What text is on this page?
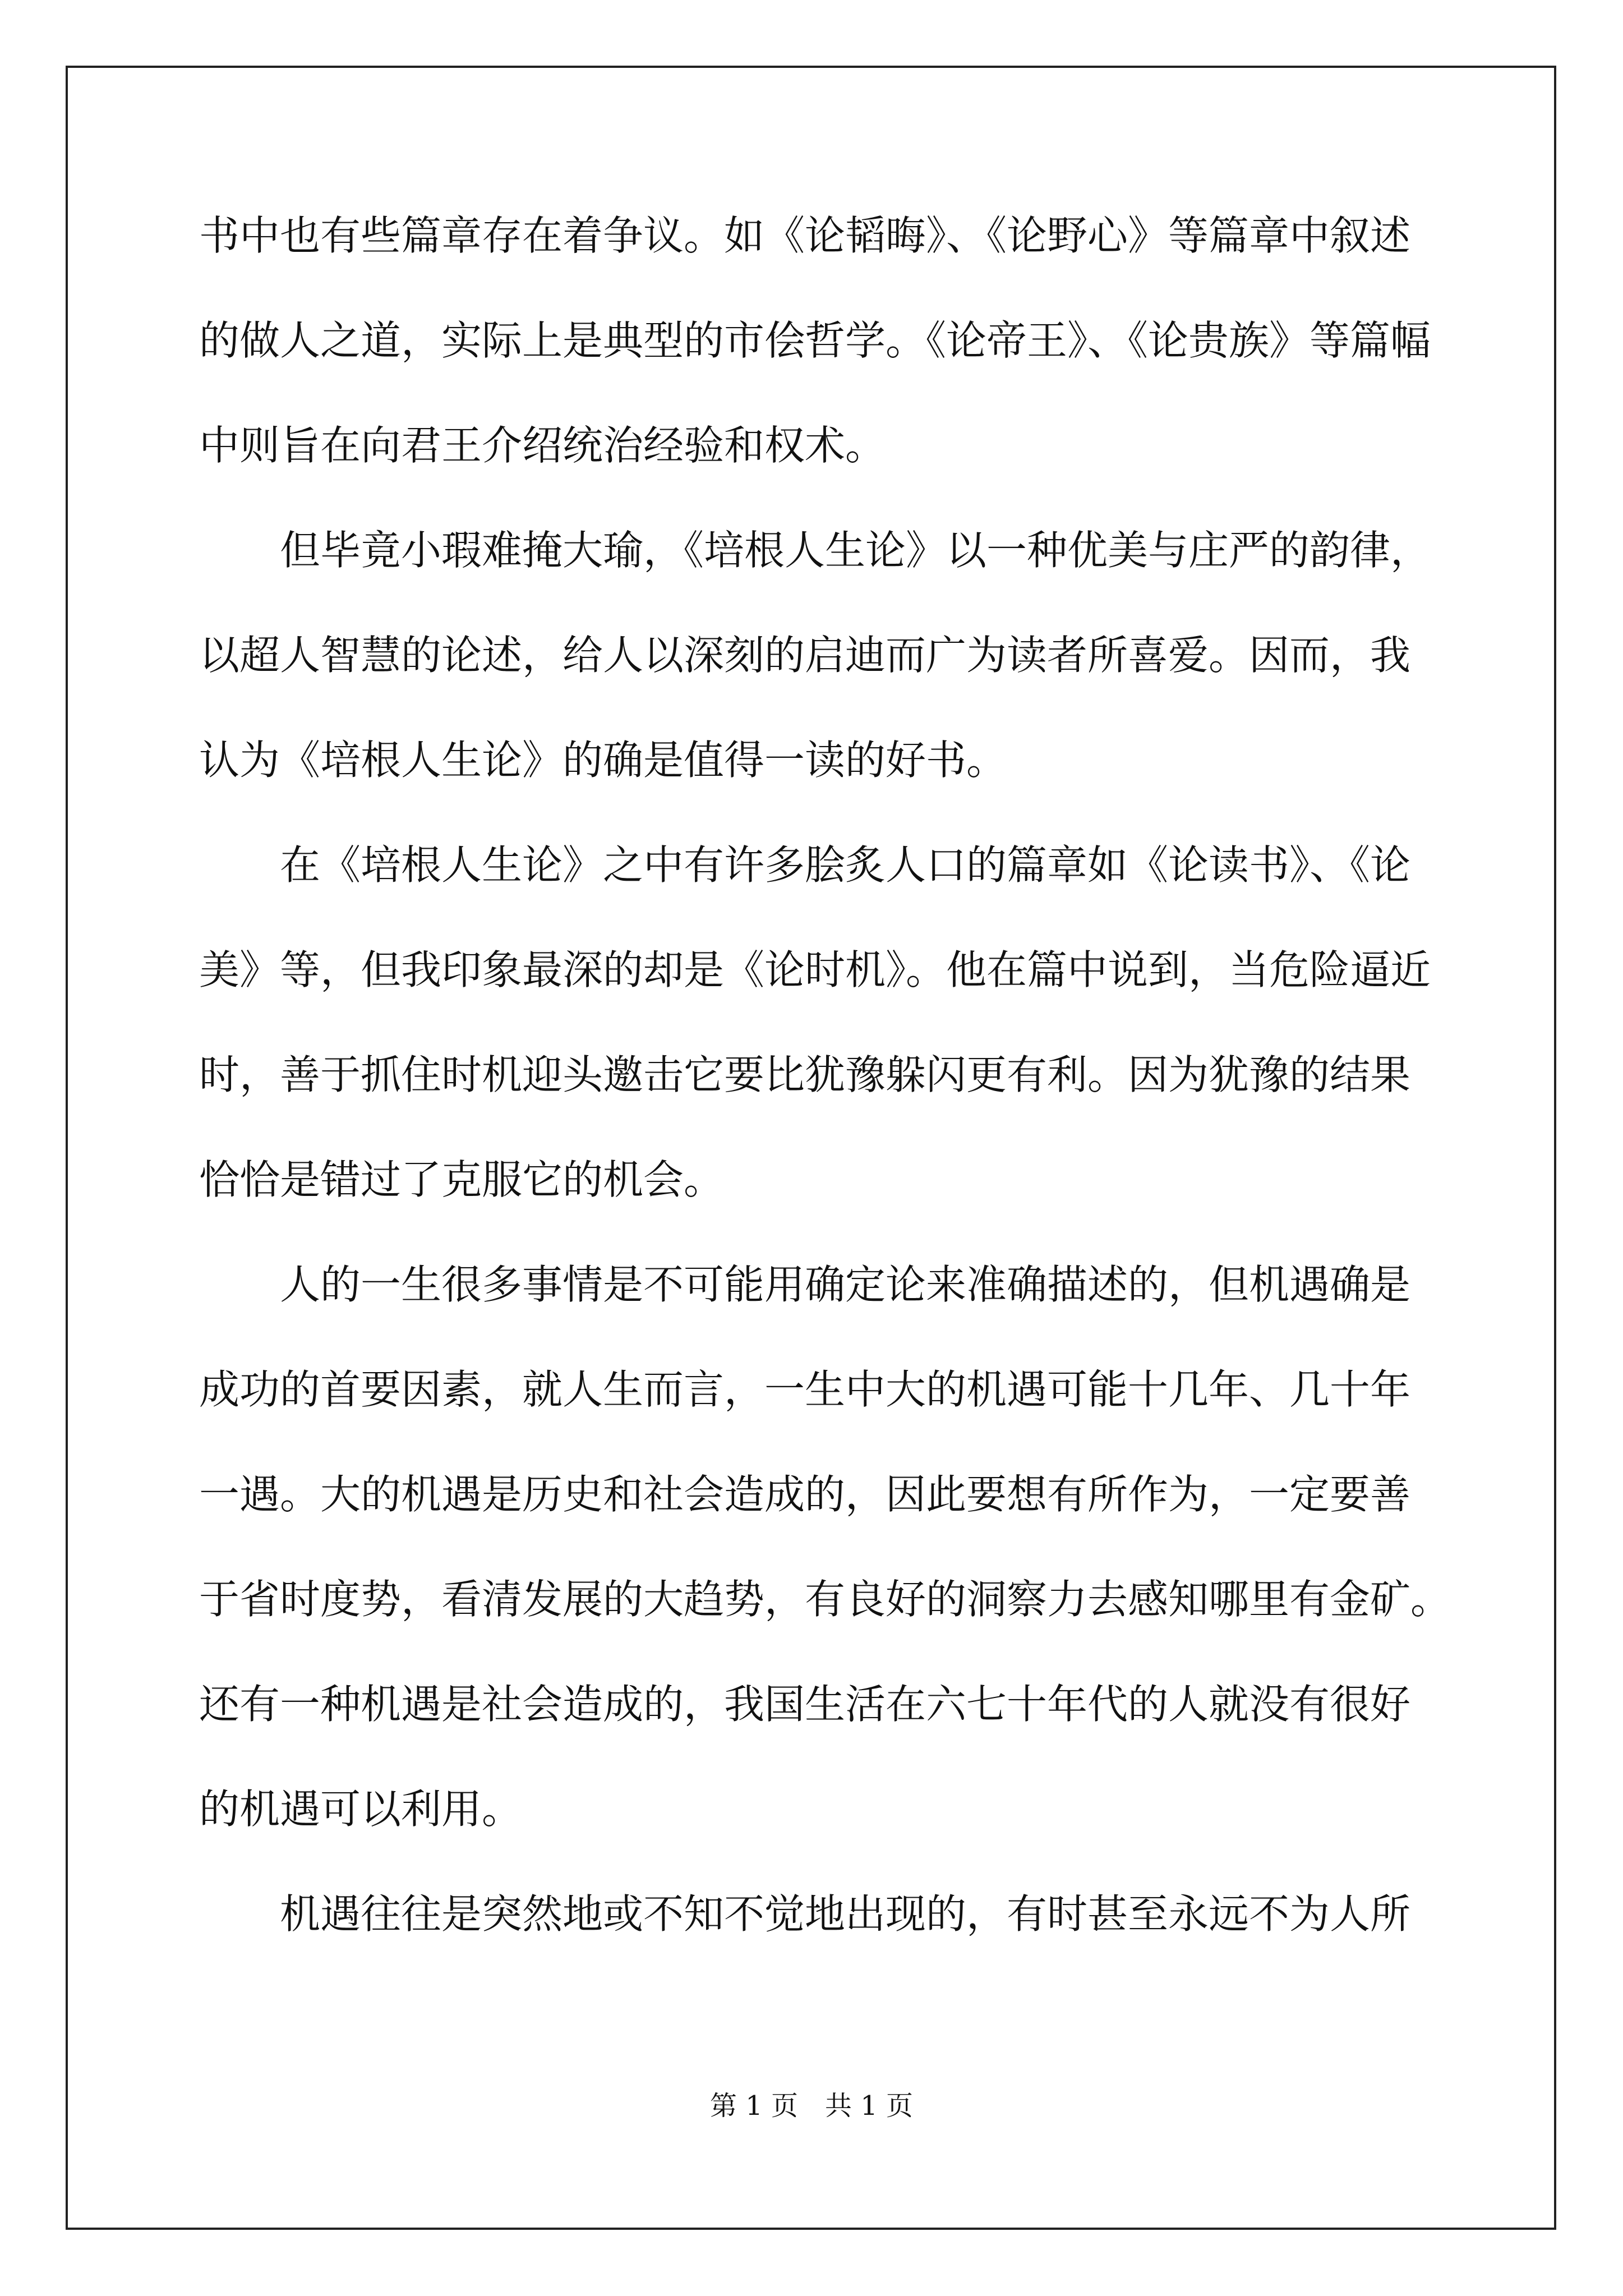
书中也有些篇章存在着争议。如《论韬晦》、《论野心》等篇章中叙述
的做人之道，实际上是典型的市侩哲学。《论帝王》、《论贵族》等篇幅
中则旨在向君王介绍统治经验和权术。
　　但毕竟小瑕难掩大瑜，《培根人生论》以一种优美与庄严的韵律，
以超人智慧的论述，给人以深刻的启迪而广为读者所喜爱。因而，我
认为《培根人生论》的确是值得一读的好书。
　　在《培根人生论》之中有许多脍炙人口的篇章如《论读书》、《论
美》等，但我印象最深的却是《论时机》。他在篇中说到，当危险逼近
时，善于抓住时机迎头邀击它要比犹豫躲闪更有利。因为犹豫的结果
恰恰是错过了克服它的机会。
　　人的一生很多事情是不可能用确定论来准确描述的，但机遇确是
成功的首要因素，就人生而言，一生中大的机遇可能十几年、几十年
一遇。大的机遇是历史和社会造成的，因此要想有所作为，一定要善
于省时度势，看清发展的大趋势，有良好的洞察力去感知哪里有金矿。
还有一种机遇是社会造成的，我国生活在六七十年代的人就没有很好
的机遇可以利用。
　　机遇往往是突然地或不知不觉地出现的，有时甚至永远不为人所
第 1 页　共 1 页
